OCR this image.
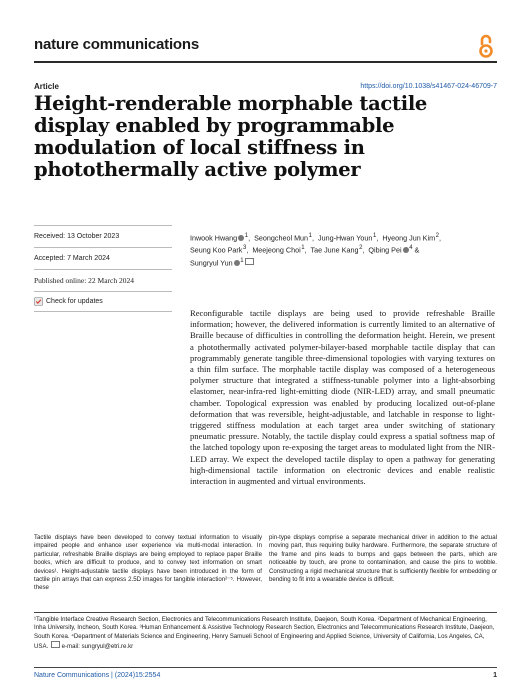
nature communications
Article	https://doi.org/10.1038/s41467-024-46709-7
Height-renderable morphable tactile display enabled by programmable modulation of local stiffness in photothermally active polymer
Received: 13 October 2023
Accepted: 7 March 2024
Published online: 22 March 2024
Check for updates
Inwook Hwang  $^1$,  Seongcheol Mun $^1$,  Jung-Hwan Youn $^1$,  Hyeong Jun Kim $^2$,
Seung Koo Park $^3$,  Meejeong Choi $^1$,  Tae June Kang $^2$,  Qibing Pei  $^4$ &
Sungryul Yun  $^1$
Reconfigurable tactile displays are being used to provide refreshable Braille information; however, the delivered information is currently limited to an alternative of Braille because of difficulties in controlling the deformation height. Herein, we present a photothermally activated polymer-bilayer-based morphable tactile display that can programmably generate tangible three-dimensional topologies with varying textures on a thin film surface. The morphable tactile display was composed of a heterogeneous polymer structure that integrated a stiffness-tunable polymer into a light-absorbing elastomer, near-infra-red light-emitting diode (NIR-LED) array, and small pneumatic chamber. Topological expression was enabled by producing localized out-of-plane deformation that was reversible, height-adjustable, and latchable in response to light-triggered stiffness modulation at each target area under switching of stationary pneumatic pressure. Notably, the tactile display could express a spatial softness map of the latched topology upon re-exposing the target areas to modulated light from the NIR-LED array. We expect the developed tactile display to open a pathway for generating high-dimensional tactile information on electronic devices and enable realistic interaction in augmented and virtual environments.
Tactile displays have been developed to convey textual information to visually impaired people and enhance user experience via multi-modal interaction. In particular, refreshable Braille displays are being employed to replace paper Braille books, which are difficult to produce, and to convey text information on smart devices¹. Height-adjustable tactile displays have been introduced in the form of tactile pin arrays that can express 2.5D images for tangible interaction²⁻⁵. However, these
pin-type displays comprise a separate mechanical driver in addition to the actual moving part, thus requiring bulky hardware. Furthermore, the separate structure of the frame and pins leads to bumps and gaps between the parts, which are noticeable by touch, are prone to contamination, and cause the pins to wobble. Constructing a rigid mechanical structure that is sufficiently flexible for embedding or bending to fit into a wearable device is difficult.
¹Tangible Interface Creative Research Section, Electronics and Telecommunications Research Institute, Daejeon, South Korea. ²Department of Mechanical Engineering, Inha University, Incheon, South Korea. ³Human Enhancement & Assistive Technology Research Section, Electronics and Telecommunications Research Institute, Daejeon, South Korea. ⁴Department of Materials Science and Engineering, Henry Samueli School of Engineering and Applied Science, University of California, Los Angeles, CA, USA. e-mail: sungryul@etri.re.kr
Nature Communications | (2024)15:2554	1
